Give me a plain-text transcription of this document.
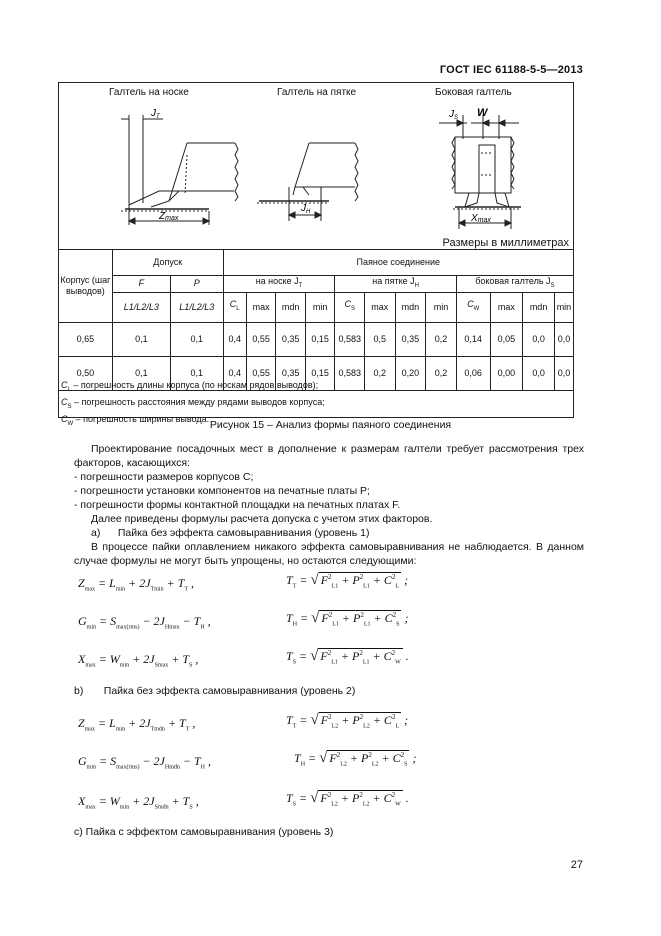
ГОСТ IEC 61188-5-5—2013
Галтель на носке	Галтель на пятке	Боковая галтель
$J_T$
Zmax
$J_H$
$J_S$ W
Xmax
Размеры в миллиметрах
Корпус (шаг выводов)	Допуск		Паяное соединение											
	F	P	на носке $J_T$				на пятке $J_H$				боковая галтель $J_S$
	L1/L2/L3	L1/L2/L3	$C_L$	max	mdn	min	$C_S$	max	mdn	min	$C_W$	max	mdn	min
0,65	0,1	0,1	0,4	0,55	0,35	0,15	0,583	0,5	0,35	0,2	0,14	0,05	0,0	0,0
0,50	0,1	0,1	0,4	0,55	0,35	0,15	0,583	0,2	0,20	0,2	0,06	0,00	0,0	0,0
$C_L$ – погрешность длины корпуса (по носкам рядов выводов);
$C_S$ – погрешность расстояния между рядами выводов корпуса;
$C_W$ – погрешность ширины вывода.
Рисунок 15 – Анализ формы паяного соединения

Проектирование посадочных мест в дополнение к размерам галтели требует рассмотрения трех факторов, касающихся:

- погрешности размеров корпусов C;

- погрешности установки компонентов на печатные платы P;

- погрешности формы контактной площадки на печатных платах F.

Далее приведены формулы расчета допуска с учетом этих факторов.

а) Пайка без эффекта самовыравнивания (уровень 1)

В процессе пайки оплавлением никакого эффекта самовыравнивания не наблюдается. В данном случае формулы не могут быть упрощены, но остаются следующими:

$Z_{max} = L_{min} + 2J_{Tmin} + T_T$ ,	$T_T$ = √ $F^2_{L1} + P^2_{L1} + C^2_L$ ;
$G_{min} = S_{max(rms)} - 2J_{Hmax} - T_H$ ,	$T_H$ = √ $F^2_{L1} + P^2_{L1} + C^2_S$ ;
$X_{max} = W_{min} + 2J_{Smax} + T_S$ ,	$T_S$ = √ $F^2_{L1} + P^2_{L1} + C^2_W$ .
b) Пайка без эффекта самовыравнивания (уровень 2)
$Z_{max} = L_{min} + 2J_{Tmdn} + T_T$ ,	$T_T$ = √ $F^2_{L2} + P^2_{L2} + C^2_L$ ;
$G_{min} = S_{max(rms)} - 2J_{Hmdn} - T_H$ ,	$T_H$ = √ $F^2_{L2} + P^2_{L2} + C^2_S$ ;
$X_{max} = W_{min} + 2J_{Smdn} + T_S$ ,	$T_S$ = √ $F^2_{L2} + P^2_{L2} + C^2_W$ .
с) Пайка с эффектом самовыравнивания (уровень 3)
27
